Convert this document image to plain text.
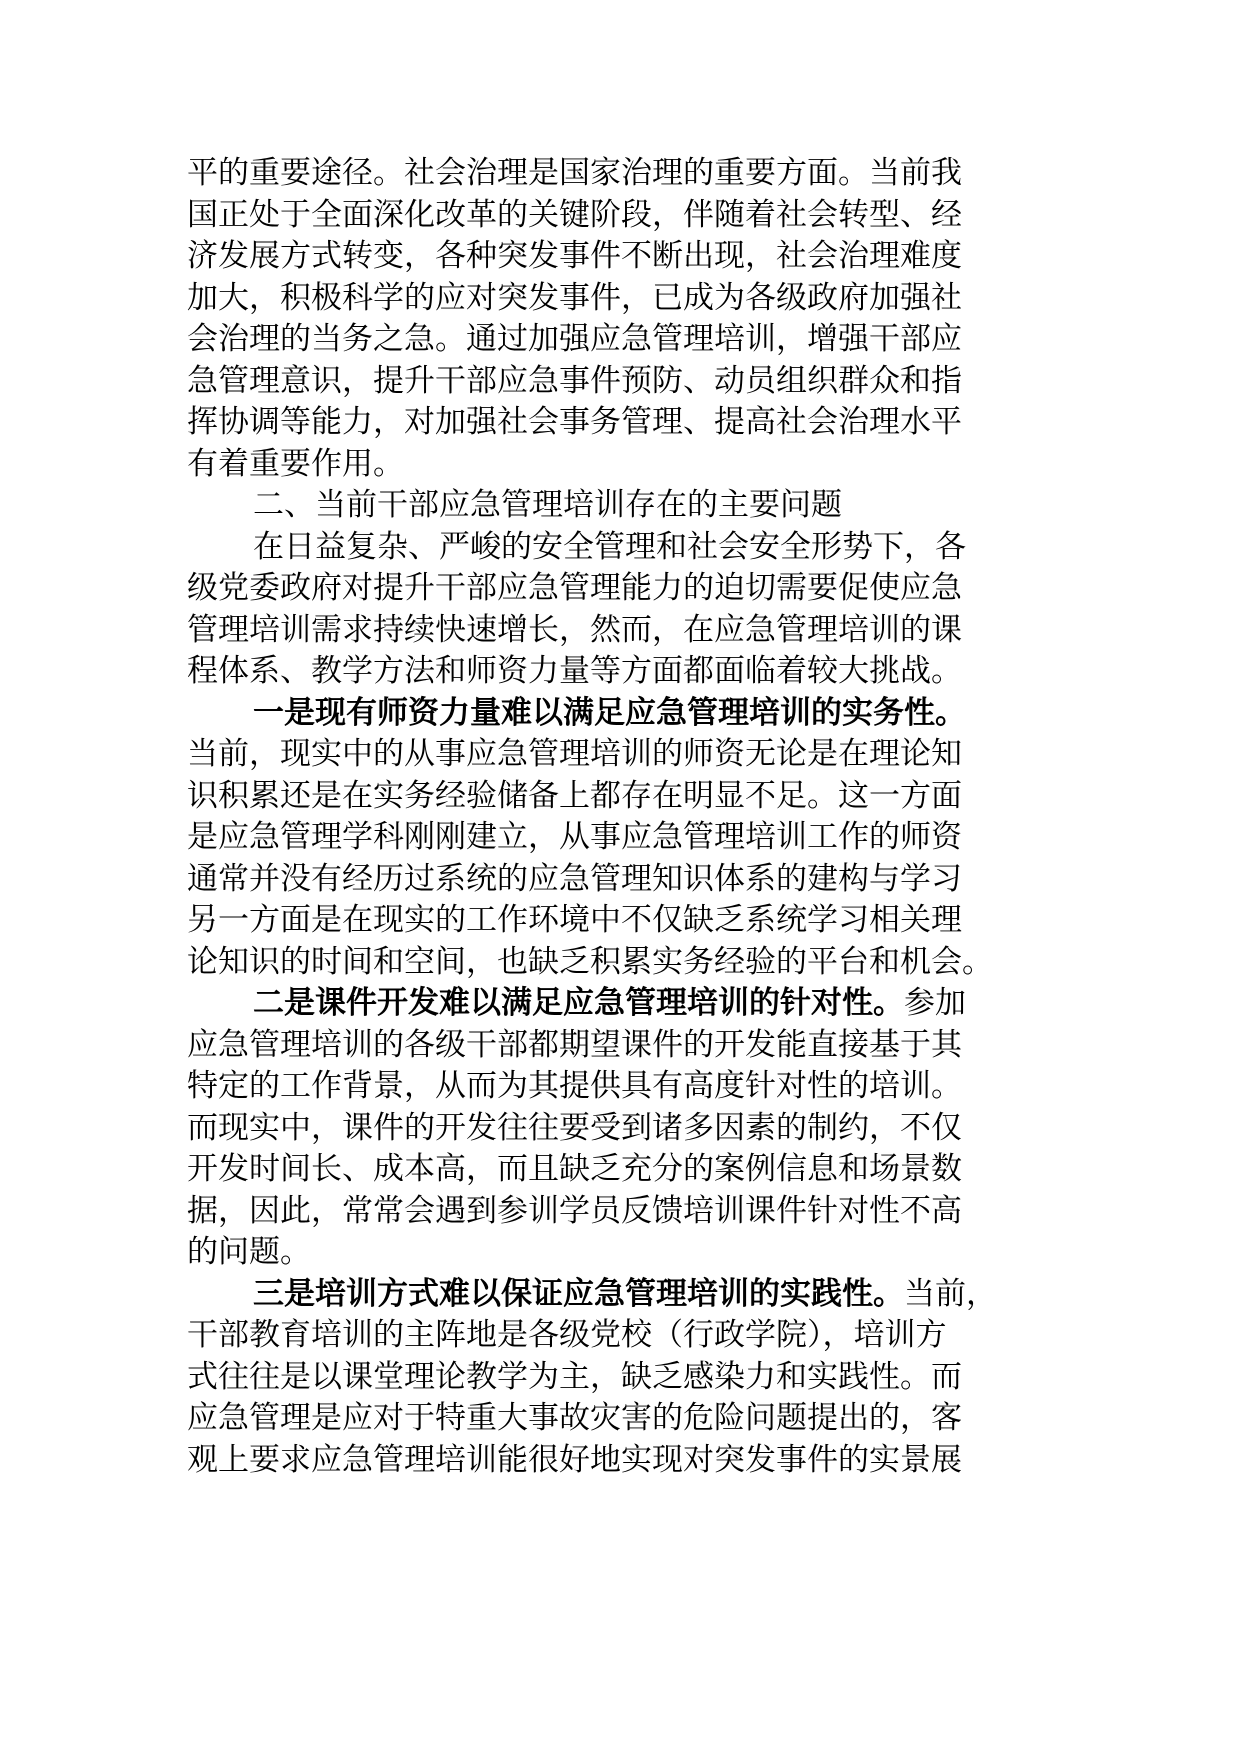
平的重要途径。社会治理是国家治理的重要方面。当前我
国正处于全面深化改革的关键阶段，伴随着社会转型、经
济发展方式转变，各种突发事件不断出现，社会治理难度
加大，积极科学的应对突发事件，已成为各级政府加强社
会治理的当务之急。通过加强应急管理培训，增强干部应
急管理意识，提升干部应急事件预防、动员组织群众和指
挥协调等能力，对加强社会事务管理、提高社会治理水平
有着重要作用。
二、当前干部应急管理培训存在的主要问题
在日益复杂、严峻的安全管理和社会安全形势下，各
级党委政府对提升干部应急管理能力的迫切需要促使应急
管理培训需求持续快速增长，然而，在应急管理培训的课
程体系、教学方法和师资力量等方面都面临着较大挑战。
一是现有师资力量难以满足应急管理培训的实务性。
当前，现实中的从事应急管理培训的师资无论是在理论知
识积累还是在实务经验储备上都存在明显不足。这一方面
是应急管理学科刚刚建立，从事应急管理培训工作的师资
通常并没有经历过系统的应急管理知识体系的建构与学习
另一方面是在现实的工作环境中不仅缺乏系统学习相关理
论知识的时间和空间，也缺乏积累实务经验的平台和机会。
二是课件开发难以满足应急管理培训的针对性。参加
应急管理培训的各级干部都期望课件的开发能直接基于其
特定的工作背景，从而为其提供具有高度针对性的培训。
而现实中，课件的开发往往要受到诸多因素的制约，不仅
开发时间长、成本高，而且缺乏充分的案例信息和场景数
据，因此，常常会遇到参训学员反馈培训课件针对性不高
的问题。
三是培训方式难以保证应急管理培训的实践性。当前，
干部教育培训的主阵地是各级党校（行政学院），培训方
式往往是以课堂理论教学为主，缺乏感染力和实践性。而
应急管理是应对于特重大事故灾害的危险问题提出的，客
观上要求应急管理培训能很好地实现对突发事件的实景展
